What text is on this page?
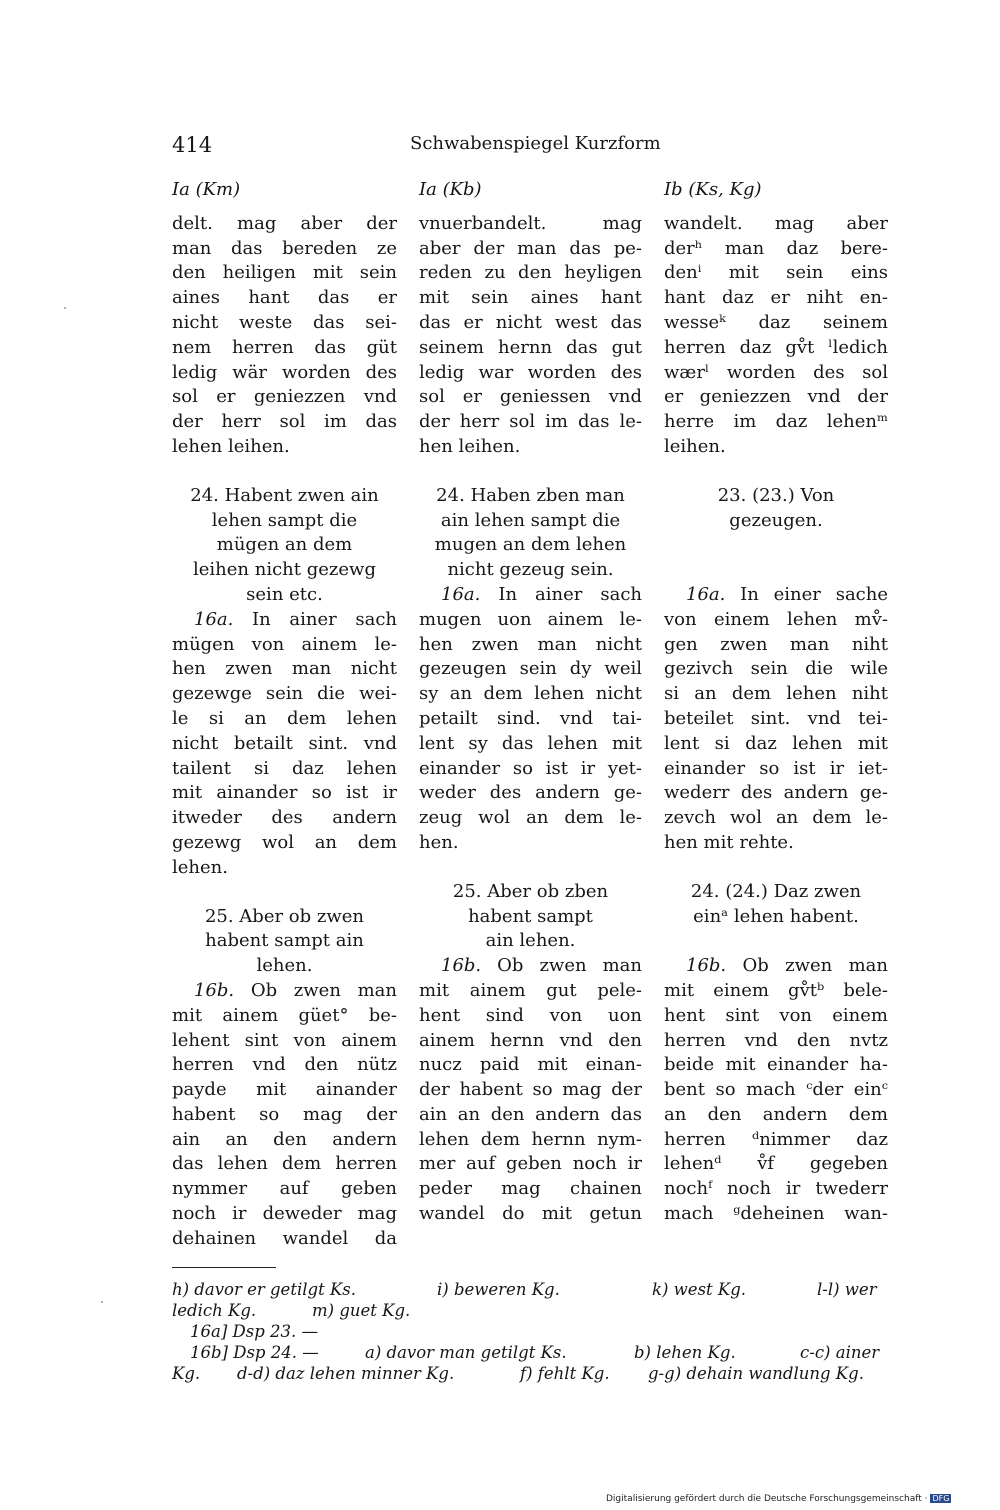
414	Schwabenspiegel Kurzform
Ia (Km)
delt. mag aber der
man das bereden ze
den heiligen mit sein
aines hant das er
nicht weste das sei-
nem herren das güt
ledig wär worden des
sol er geniezzen vnd
der herr sol im das
lehen leihen.
24. Habent zwen ain
lehen sampt die
mügen an dem
leihen nicht gezewg
sein etc.
16a. In ainer sach
mügen von ainem le-
hen zwen man nicht
gezewge sein die wei-
le si an dem lehen
nicht betailt sint. vnd
tailent si daz lehen
mit ainander so ist ir
itweder des andern
gezewg wol an dem
lehen.
25. Aber ob zwen
habent sampt ain
lehen.
16b. Ob zwen man
mit ainem güet° be-
lehent sint von ainem
herren vnd den nütz
payde mit ainander
habent so mag der
ain an den andern
das lehen dem herren
nymmer auf geben
noch ir deweder mag
dehainen wandel da
Ia (Kb)
vnuerbandelt. mag
aber der man das pe-
reden zu den heyligen
mit sein aines hant
das er nicht west das
seinem hernn das gut
ledig war worden des
sol er geniessen vnd
der herr sol im das le-
hen leihen.
24. Haben zben man
ain lehen sampt die
mugen an dem lehen
nicht gezeug sein.
16a. In ainer sach
mugen uon ainem le-
hen zwen man nicht
gezeugen sein dy weil
sy an dem lehen nicht
petailt sind. vnd tai-
lent sy das lehen mit
einander so ist ir yet-
weder des andern ge-
zeug wol an dem le-
hen.
25. Aber ob zben
habent sampt
ain lehen.
16b. Ob zwen man
mit ainem gut pele-
hent sind von uon
ainem hernn vnd den
nucz paid mit einan-
der habent so mag der
ain an den andern das
lehen dem hernn nym-
mer auf geben noch ir
peder mag chainen
wandel do mit getun
Ib (Ks, Kg)
wandelt. mag aber
derʰ man daz bere-
denⁱ mit sein eins
hant daz er niht en-
wesseᵏ daz seinem
herren daz gv̊t ˡledich
wærˡ worden des sol
er geniezzen vnd der
herre im daz lehenᵐ
leihen.
23. (23.) Von
gezeugen.
16a. In einer sache
von einem lehen mv̊-
gen zwen man niht
gezivch sein die wile
si an dem lehen niht
beteilet sint. vnd tei-
lent si daz lehen mit
einander so ist ir iet-
wederr des andern ge-
zevch wol an dem le-
hen mit rehte.
24. (24.) Daz zwen
einᵃ lehen habent.
16b. Ob zwen man
mit einem gv̊tᵇ bele-
hent sint von einem
herren vnd den nvtz
beide mit einander ha-
bent so mach ᶜder einᶜ
an den andern dem
herren ᵈnimmer daz
lehenᵈ v̊f gegeben
nochᶠ noch ir twederr
mach ᵍdeheinen wan-
h) davor er getilgt Ks.	i) beweren Kg.	k) west Kg.	l-l) wer
ledich Kg.	m) guet Kg.
16a] Dsp 23. —
16b] Dsp 24. —	a) davor man getilgt Ks.	b) lehen Kg.	c-c) ainer
Kg. d-d) daz lehen minner Kg.	f) fehlt Kg. g-g) dehain wandlung Kg.
Digitalisierung gefördert durch die Deutsche Forschungsgemeinschaft · DFG
